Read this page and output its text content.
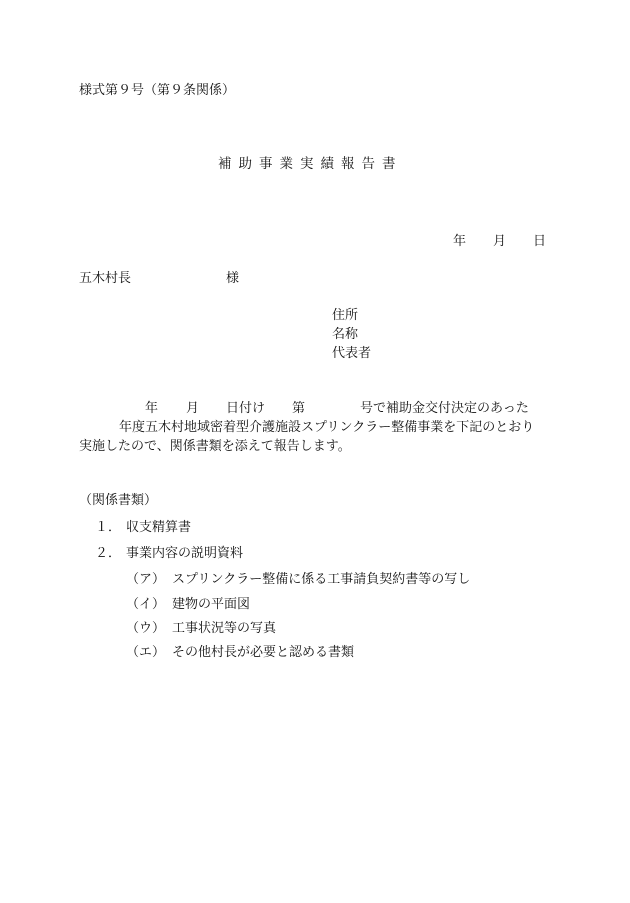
様式第９号（第９条関係）
補助事業実績報告書
年 月 日
五木村長	様
住所
名称
代表者
年 月 日付け 第	号で補助金交付決定のあった
年度五木村地域密着型介護施設スプリンクラー整備事業を下記のとおり
実施したので、関係書類を添えて報告します。
（関係書類）
１． 収支精算書
２． 事業内容の説明資料
（ア） スプリンクラー整備に係る工事請負契約書等の写し
（イ） 建物の平面図
（ウ） 工事状況等の写真
（エ） その他村長が必要と認める書類
